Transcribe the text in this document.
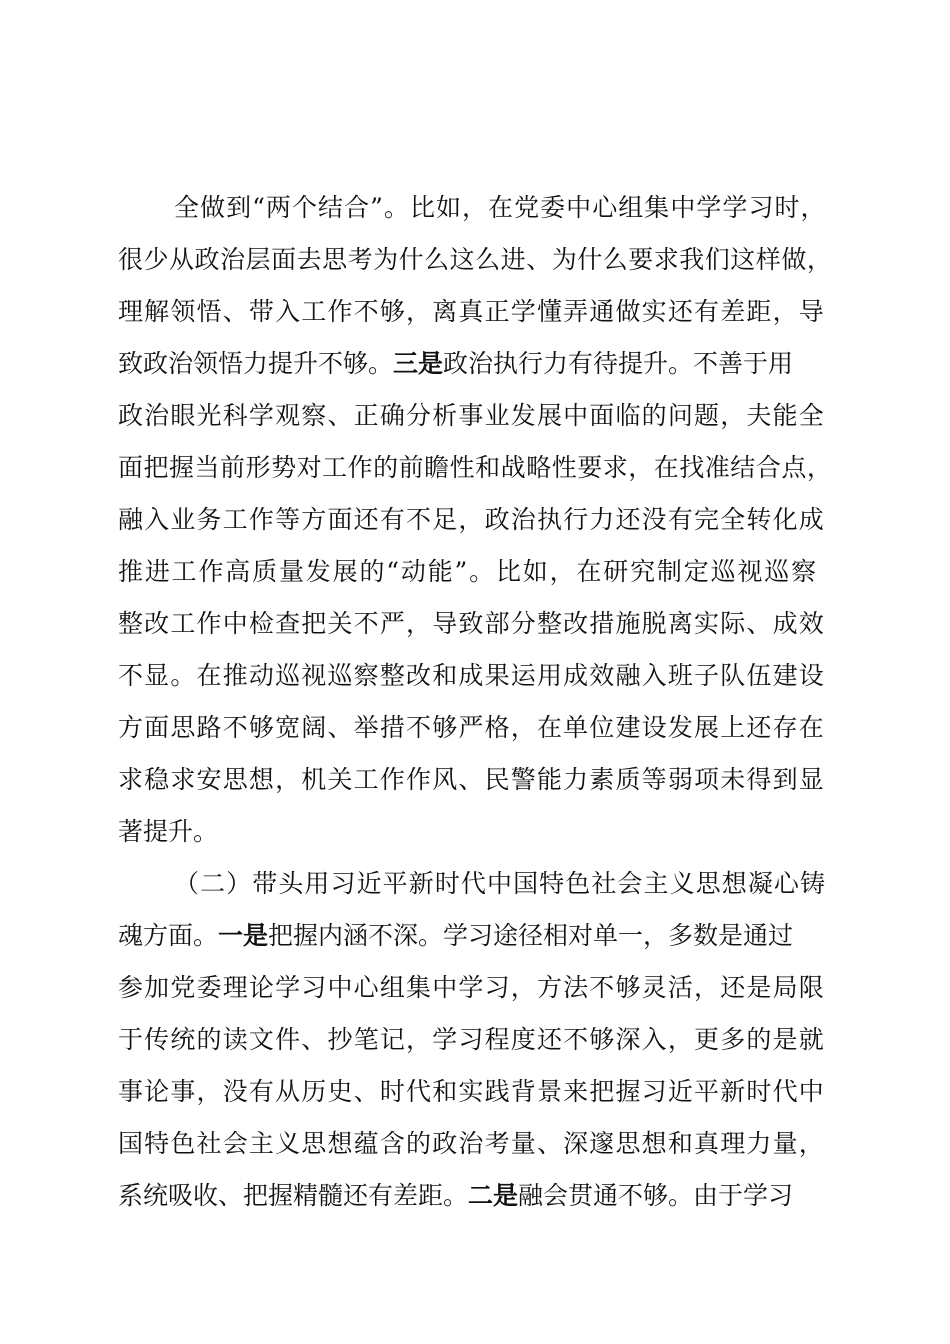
全做到“两个结合”。比如，在党委中心组集中学学习时，
很少从政治层面去思考为什么这么进、为什么要求我们这样做，
理解领悟、带入工作不够，离真正学懂弄通做实还有差距，导
致政治领悟力提升不够。 三是 政治执行力有待提升。不善于用
政治眼光科学观察、正确分析事业发展中面临的问题，夫能全
面把握当前形势对工作的前瞻性和战略性要求，在找准结合点，
融入业务工作等方面还有不足，政治执行力还没有完全转化成
推进工作高质量发展的“动能”。比如，在研究制定巡视巡察
整改工作中检查把关不严，导致部分整改措施脱离实际、成效
不显。在推动巡视巡察整改和成果运用成效融入班子队伍建设
方面思路不够宽阔、举措不够严格，在单位建设发展上还存在
求稳求安思想，机关工作作风、民警能力素质等弱项未得到显
著提升。
（二）带头用习近平新时代中国特色社会主义思想凝心铸
魂方面。 一是 把握内涵不深。学习途径相对单一，多数是通过
参加党委理论学习中心组集中学习，方法不够灵活，还是局限
于传统的读文件、抄笔记，学习程度还不够深入，更多的是就
事论事，没有从历史、时代和实践背景来把握习近平新时代中
国特色社会主义思想蕴含的政治考量、深邃思想和真理力量，
系统吸收、把握精髓还有差距。 二是 融会贯通不够。由于学习
